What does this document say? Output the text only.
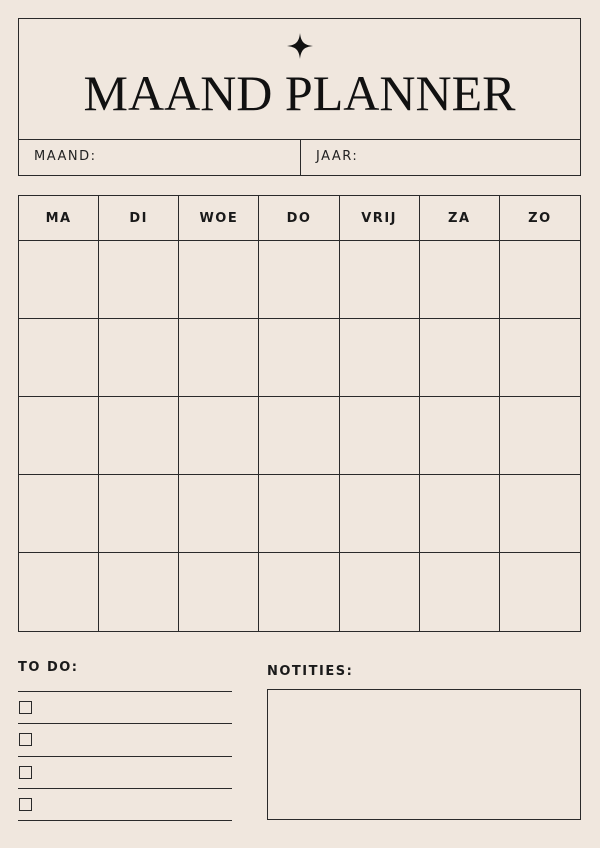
MAAND PLANNER
MAAND:	JAAR:
MA	DI	WOE	DO	VRIJ	ZA	ZO
TO DO:	NOTITIES:
